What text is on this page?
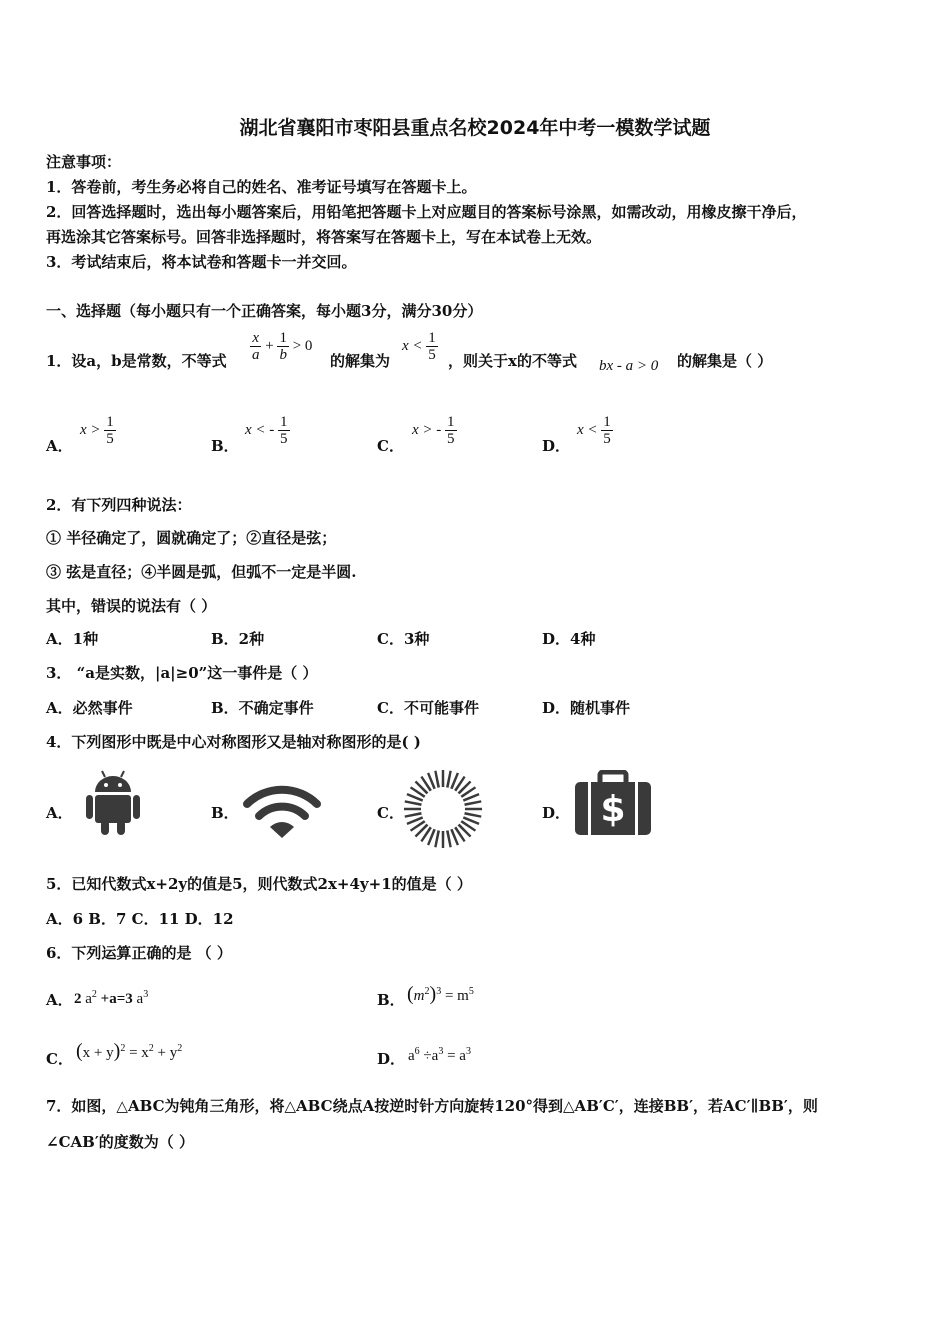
湖北省襄阳市枣阳县重点名校2024年中考一模数学试题
注意事项：
1．答卷前，考生务必将自己的姓名、准考证号填写在答题卡上。
2．回答选择题时，选出每小题答案后，用铅笔把答题卡上对应题目的答案标号涂黑，如需改动，用橡皮擦干净后，
再选涂其它答案标号。回答非选择题时，将答案写在答题卡上，写在本试卷上无效。
3．考试结束后，将本试卷和答题卡一并交回。
一、选择题（每小题只有一个正确答案，每小题3分，满分30分）
1．设a，b是常数，不等式 $\frac{x}{a} + \frac{1}{b} > 0$
的解集为
$x < \frac{1}{5}$ ，则关于x的不等式 bx - a > 0 的解集是（ ）
A．
$x > \frac{1}{5}$	B．
x < - $\frac{1}{5}$	C．
x > - $\frac{1}{5}$	D．
$x < \frac{1}{5}$
2．有下列四种说法：
① 半径确定了，圆就确定了；②直径是弦；
③ 弦是直径；④半圆是弧，但弧不一定是半圆.
其中，错误的说法有（ ）
A．1种	B．2种	C．3种	D．4种
3． “a是实数，|a|≥0”这一事件是（ ）
A．必然事件	B．不确定事件	C．不可能事件	D．随机事件
4．下列图形中既是中心对称图形又是轴对称图形的是( )
A．	B．	C．	D． $
5．已知代数式x+2y的值是5，则代数式2x+4y+1的值是（ ）
A．6 B．7 C．11 D．12
6．下列运算正确的是 （ ）
A． 2 $a^2 +a=3$ $a^3$	B． $(m^2)^3 = m^5$
C． $(x + y)^2 = x^2 + y^2$
D． $a^6 \div a^3 = a^3$
7．如图，△ABC为钝角三角形，将△ABC绕点A按逆时针方向旋转120°得到△AB′C′，连接BB′，若AC′∥BB′，则
∠CAB′的度数为（ ）
